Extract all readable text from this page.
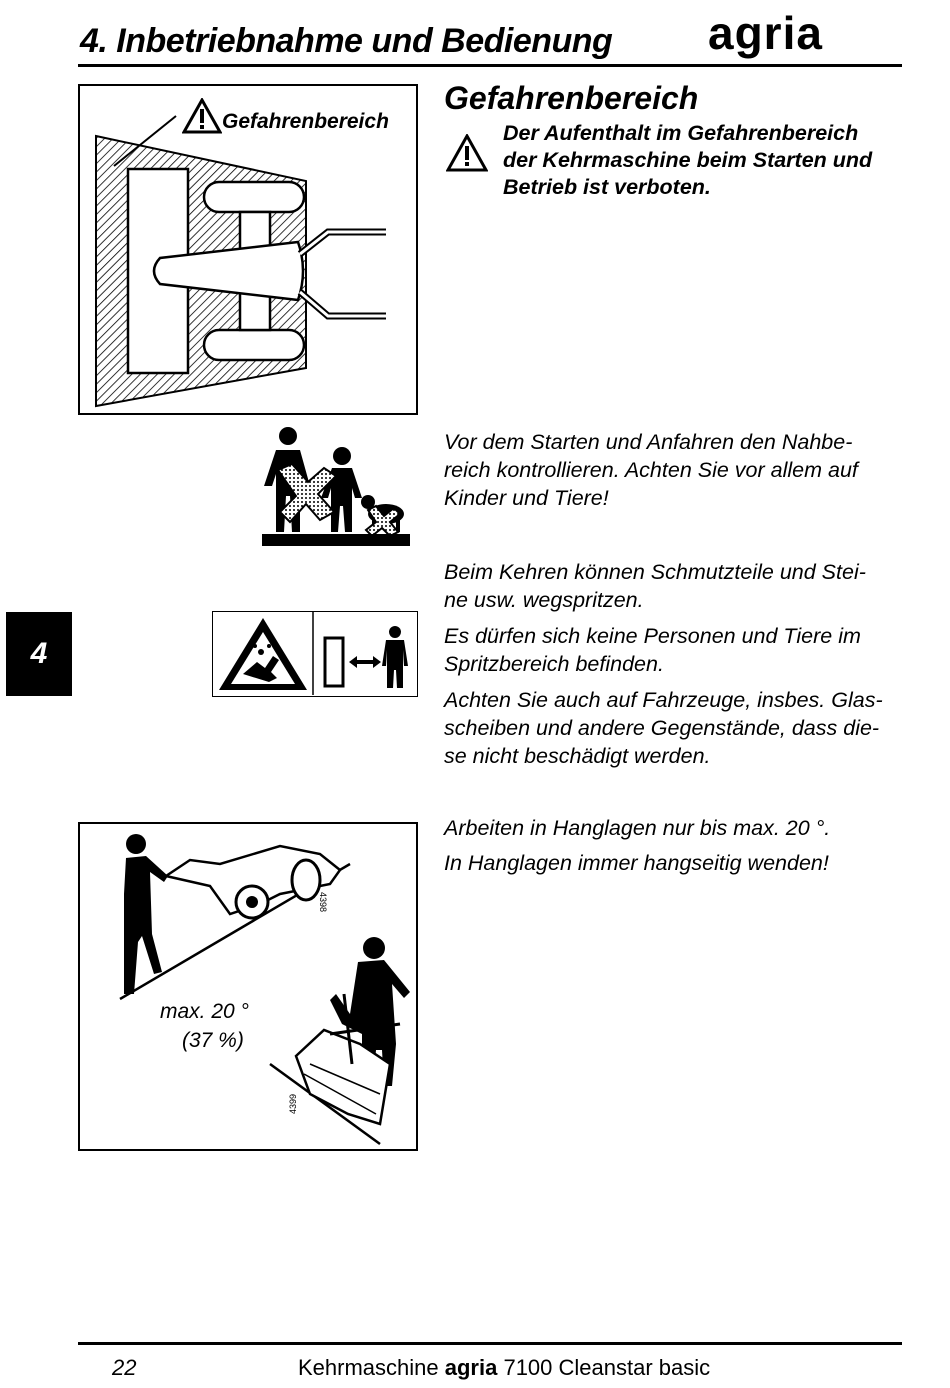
4. Inbetriebnahme und Bedienung agria
Gefahrenbereich
Gefahrenbereich
Der Aufenthalt im Gefahrenbereich
der Kehrmaschine beim Starten und
Betrieb ist verboten.
Vor dem Starten und Anfahren den Nahbe-
reich kontrollieren. Achten Sie vor allem auf
Kinder und Tiere!
4
Beim Kehren können Schmutzteile und Stei-
ne usw. wegspritzen.
Es dürfen sich keine Personen und Tiere im
Spritzbereich befinden.
Achten Sie auch auf Fahrzeuge, insbes. Glas-
scheiben und andere Gegenstände, dass die-
se nicht beschädigt werden.
max. 20 °
(37 %)
4398
4399
Arbeiten in Hanglagen nur bis max. 20 °.
In Hanglagen immer hangseitig wenden!
22	Kehrmaschine agria 7100 Cleanstar basic
